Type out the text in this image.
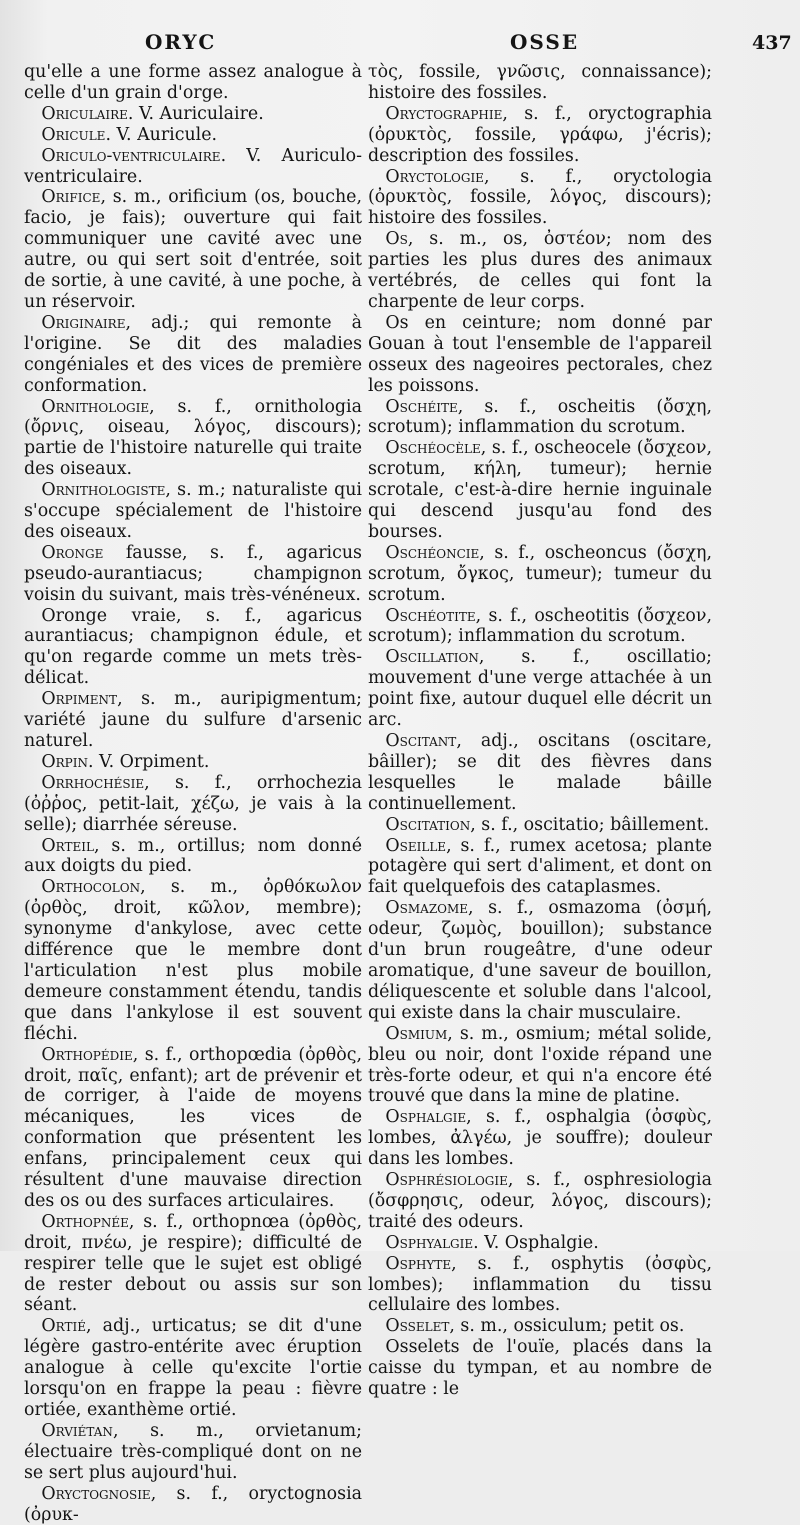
ORYC	OSSE	437

qu'elle a une forme assez analogue à celle d'un grain d'orge.

Oriculaire. V. Auriculaire.

Oricule. V. Auricule.

Oriculo-ventriculaire. V. Auriculo-ventriculaire.

Orifice, s. m., orificium (os, bouche, facio, je fais); ouverture qui fait communiquer une cavité avec une autre, ou qui sert soit d'entrée, soit de sortie, à une cavité, à une poche, à un réservoir.

Originaire, adj.; qui remonte à l'origine. Se dit des maladies congéniales et des vices de première conformation.

Ornithologie, s. f., ornithologia (ὄρνις, oiseau, λόγος, discours); partie de l'histoire naturelle qui traite des oiseaux.

Ornithologiste, s. m.; naturaliste qui s'occupe spécialement de l'histoire des oiseaux.

Oronge fausse, s. f., agaricus pseudo-aurantiacus; champignon voisin du suivant, mais très-vénéneux.

Oronge vraie, s. f., agaricus aurantiacus; champignon édule, et qu'on regarde comme un mets très-délicat.

Orpiment, s. m., auripigmentum; variété jaune du sulfure d'arsenic naturel.

Orpin. V. Orpiment.

Orrhochésie, s. f., orrhochezia (ὀῤῥος, petit-lait, χέζω, je vais à la selle); diarrhée séreuse.

Orteil, s. m., ortillus; nom donné aux doigts du pied.

Orthocolon, s. m., ὀρθόκωλον (ὀρθὸς, droit, κῶλον, membre); synonyme d'ankylose, avec cette différence que le membre dont l'articulation n'est plus mobile demeure constamment étendu, tandis que dans l'ankylose il est souvent fléchi.

Orthopédie, s. f., orthopœdia (ὀρθὸς, droit, παῖς, enfant); art de prévenir et de corriger, à l'aide de moyens mécaniques, les vices de conformation que présentent les enfans, principalement ceux qui résultent d'une mauvaise direction des os ou des surfaces articulaires.

Orthopnée, s. f., orthopnœa (ὀρθὸς, droit, πνέω, je respire); difficulté de respirer telle que le sujet est obligé de rester debout ou assis sur son séant.

Ortié, adj., urticatus; se dit d'une légère gastro-entérite avec éruption analogue à celle qu'excite l'ortie lorsqu'on en frappe la peau : fièvre ortiée, exanthème ortié.

Orviétan, s. m., orvietanum; électuaire très-compliqué dont on ne se sert plus aujourd'hui.

Oryctognosie, s. f., oryctognosia (ὀρυκ-

τὸς, fossile, γνῶσις, connaissance); histoire des fossiles.

Oryctographie, s. f., oryctographia (ὀρυκτὸς, fossile, γράφω, j'écris); description des fossiles.

Oryctologie, s. f., oryctologia (ὀρυκτὸς, fossile, λόγος, discours); histoire des fossiles.

Os, s. m., os, ὀστέον; nom des parties les plus dures des animaux vertébrés, de celles qui font la charpente de leur corps.

Os en ceinture; nom donné par Gouan à tout l'ensemble de l'appareil osseux des nageoires pectorales, chez les poissons.

Oschéite, s. f., oscheitis (ὄσχη, scrotum); inflammation du scrotum.

Oschéocèle, s. f., oscheocele (ὄσχεον, scrotum, κήλη, tumeur); hernie scrotale, c'est-à-dire hernie inguinale qui descend jusqu'au fond des bourses.

Oschéoncie, s. f., oscheoncus (ὄσχη, scrotum, ὄγκος, tumeur); tumeur du scrotum.

Oschéotite, s. f., oscheotitis (ὄσχεον, scrotum); inflammation du scrotum.

Oscillation, s. f., oscillatio; mouvement d'une verge attachée à un point fixe, autour duquel elle décrit un arc.

Oscitant, adj., oscitans (oscitare, bâiller); se dit des fièvres dans lesquelles le malade bâille continuellement.

Oscitation, s. f., oscitatio; bâillement.

Oseille, s. f., rumex acetosa; plante potagère qui sert d'aliment, et dont on fait quelquefois des cataplasmes.

Osmazome, s. f., osmazoma (ὀσμή, odeur, ζωμὸς, bouillon); substance d'un brun rougeâtre, d'une odeur aromatique, d'une saveur de bouillon, déliquescente et soluble dans l'alcool, qui existe dans la chair musculaire.

Osmium, s. m., osmium; métal solide, bleu ou noir, dont l'oxide répand une très-forte odeur, et qui n'a encore été trouvé que dans la mine de platine.

Osphalgie, s. f., osphalgia (ὀσφὺς, lombes, ἀλγέω, je souffre); douleur dans les lombes.

Osphrésiologie, s. f., osphresiologia (ὄσφρησις, odeur, λόγος, discours); traité des odeurs.

Osphyalgie. V. Osphalgie.

Osphyte, s. f., osphytis (ὀσφὺς, lombes); inflammation du tissu cellulaire des lombes.

Osselet, s. m., ossiculum; petit os.

Osselets de l'ouïe, placés dans la caisse du tympan, et au nombre de quatre : le
